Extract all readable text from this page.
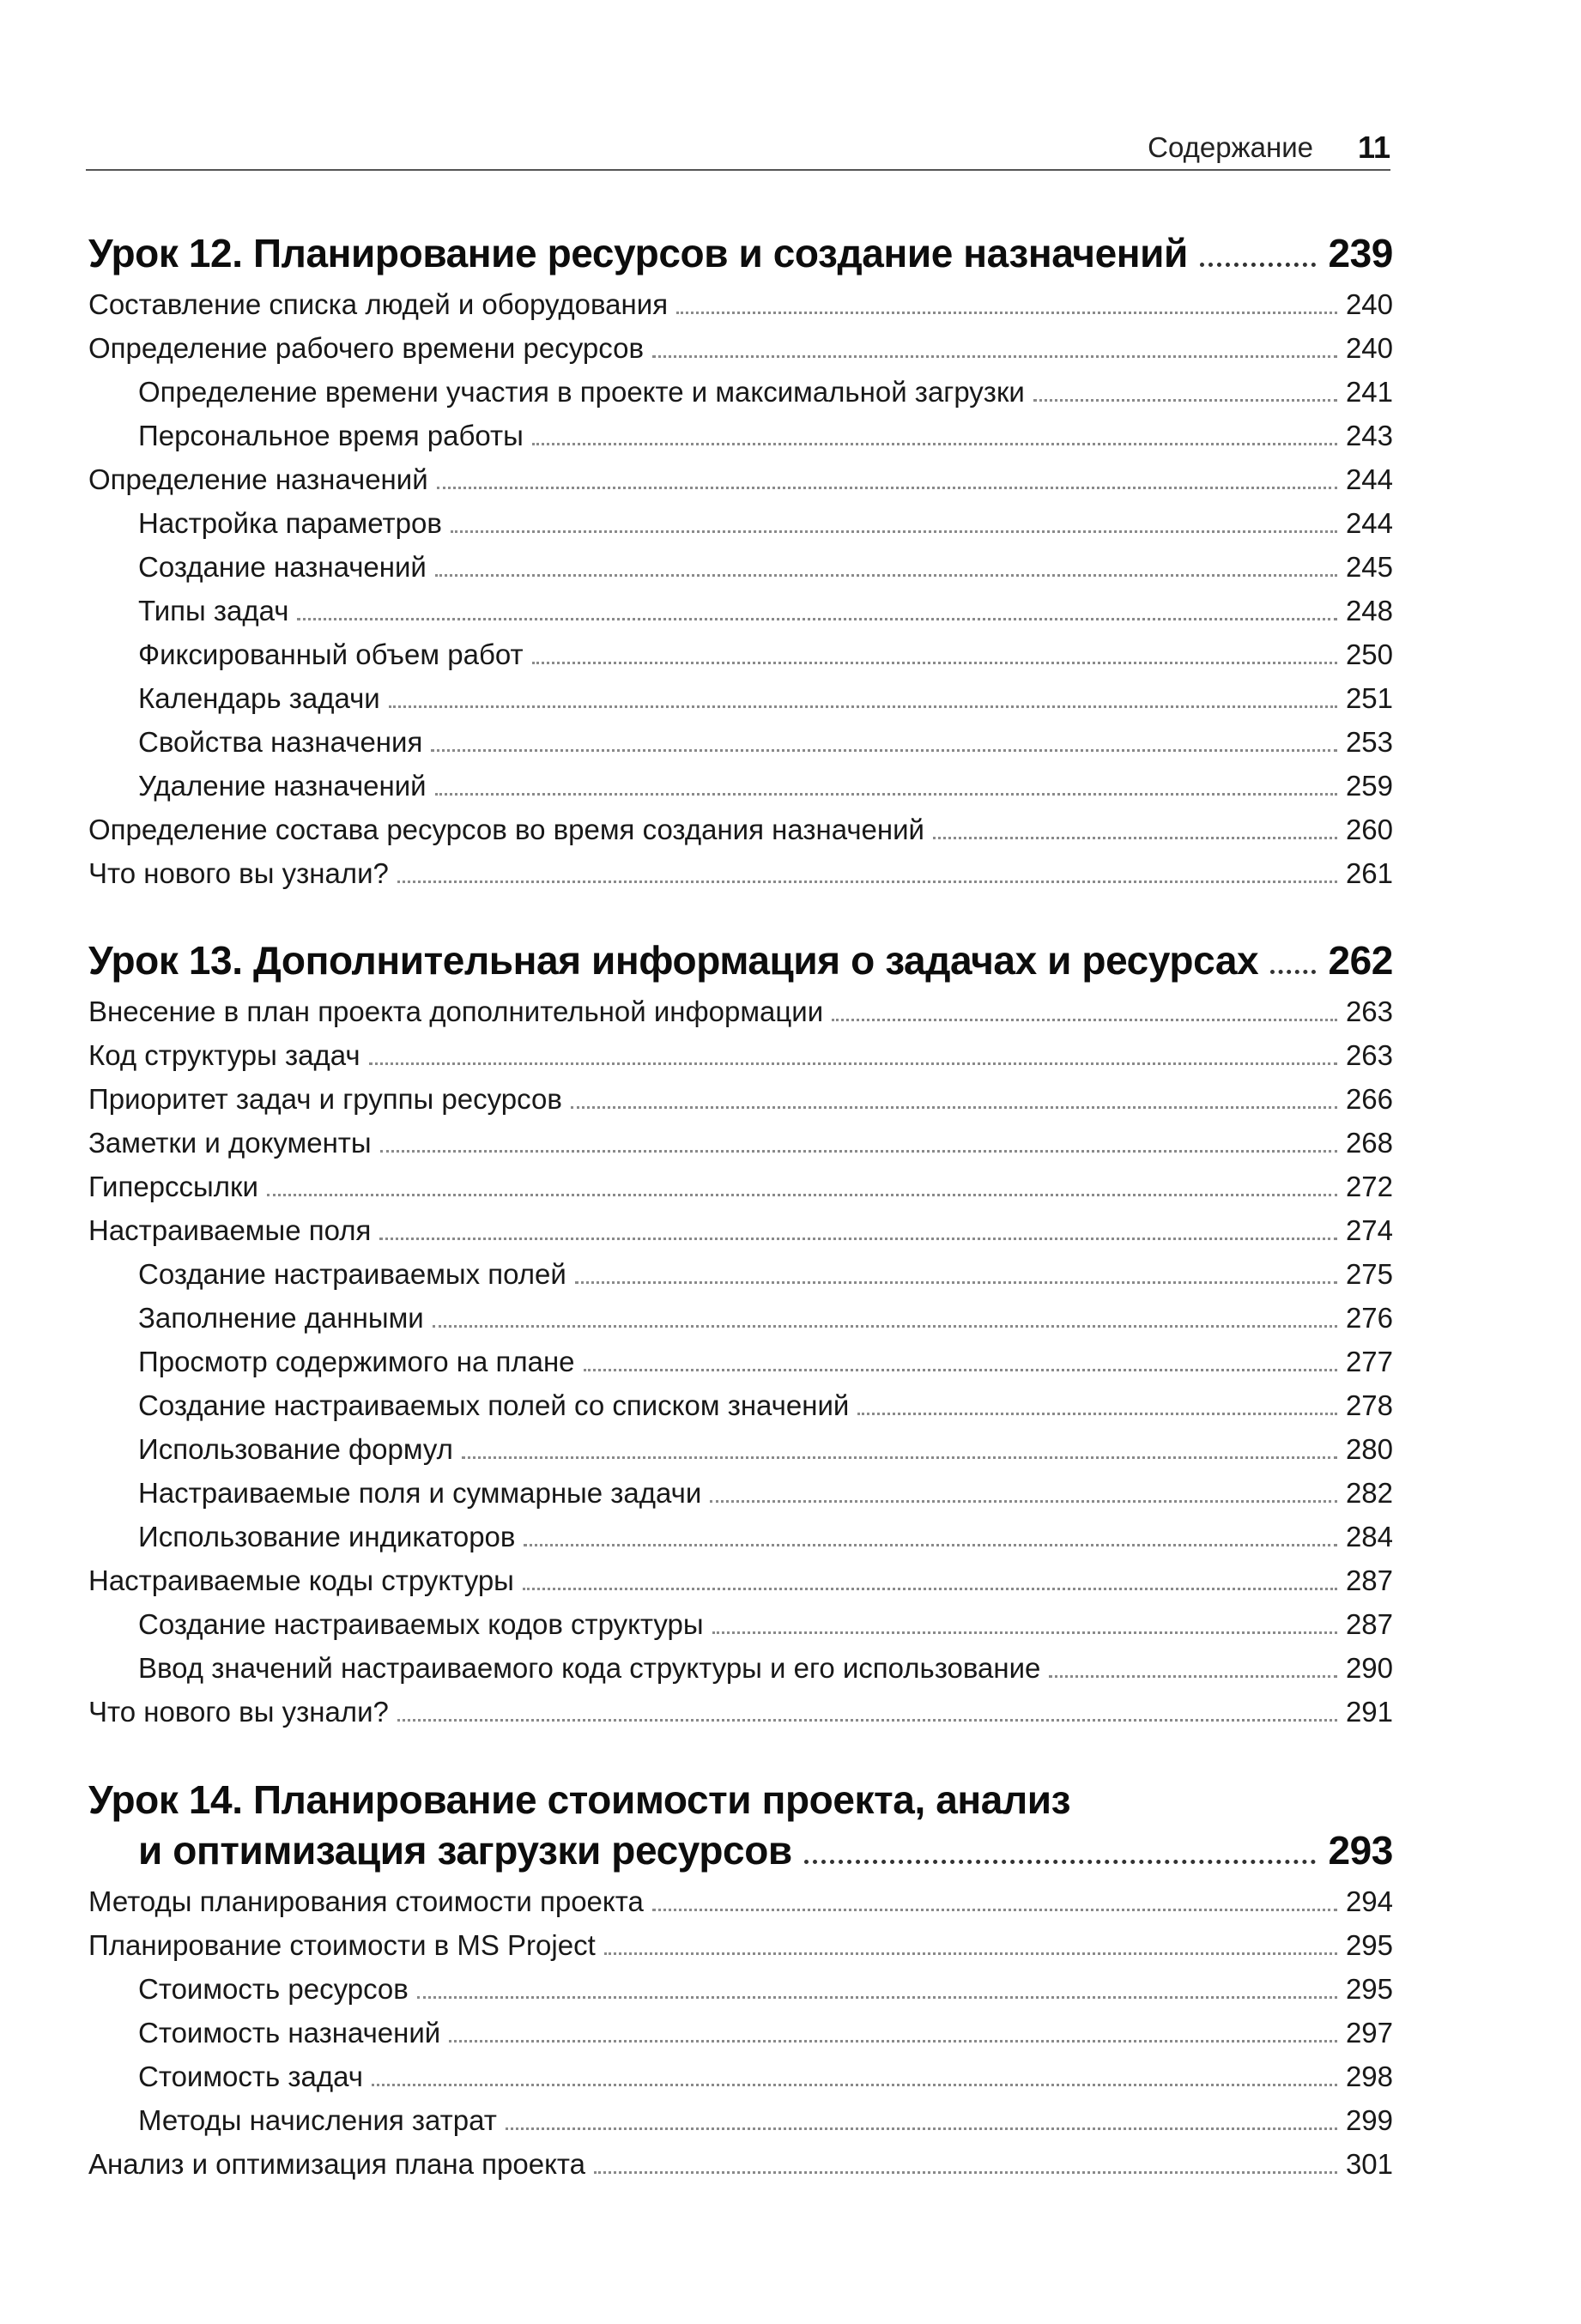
Содержание 11
Урок 12. Планирование ресурсов и создание назначений	239
Составление списка людей и оборудования	240
Определение рабочего времени ресурсов	240
Определение времени участия в проекте и максимальной загрузки	241
Персональное время работы	243
Определение назначений	244
Настройка параметров	244
Создание назначений	245
Типы задач	248
Фиксированный объем работ	250
Календарь задачи	251
Свойства назначения	253
Удаление назначений	259
Определение состава ресурсов во время создания назначений	260
Что нового вы узнали?	261
Урок 13. Дополнительная информация о задачах и ресурсах 262
Внесение в план проекта дополнительной информации	263
Код структуры задач	263
Приоритет задач и группы ресурсов	266
Заметки и документы	268
Гиперссылки	272
Настраиваемые поля	274
Создание настраиваемых полей	275
Заполнение данными	276
Просмотр содержимого на плане	277
Создание настраиваемых полей со списком значений	278
Использование формул	280
Настраиваемые поля и суммарные задачи	282
Использование индикаторов	284
Настраиваемые коды структуры	287
Создание настраиваемых кодов структуры	287
Ввод значений настраиваемого кода структуры и его использование	290
Что нового вы узнали?	291
Урок 14. Планирование стоимости проекта, анализ
и оптимизация загрузки ресурсов	293
Методы планирования стоимости проекта	294
Планирование стоимости в MS Project	295
Стоимость ресурсов	295
Стоимость назначений	297
Стоимость задач	298
Методы начисления затрат	299
Анализ и оптимизация плана проекта	301
